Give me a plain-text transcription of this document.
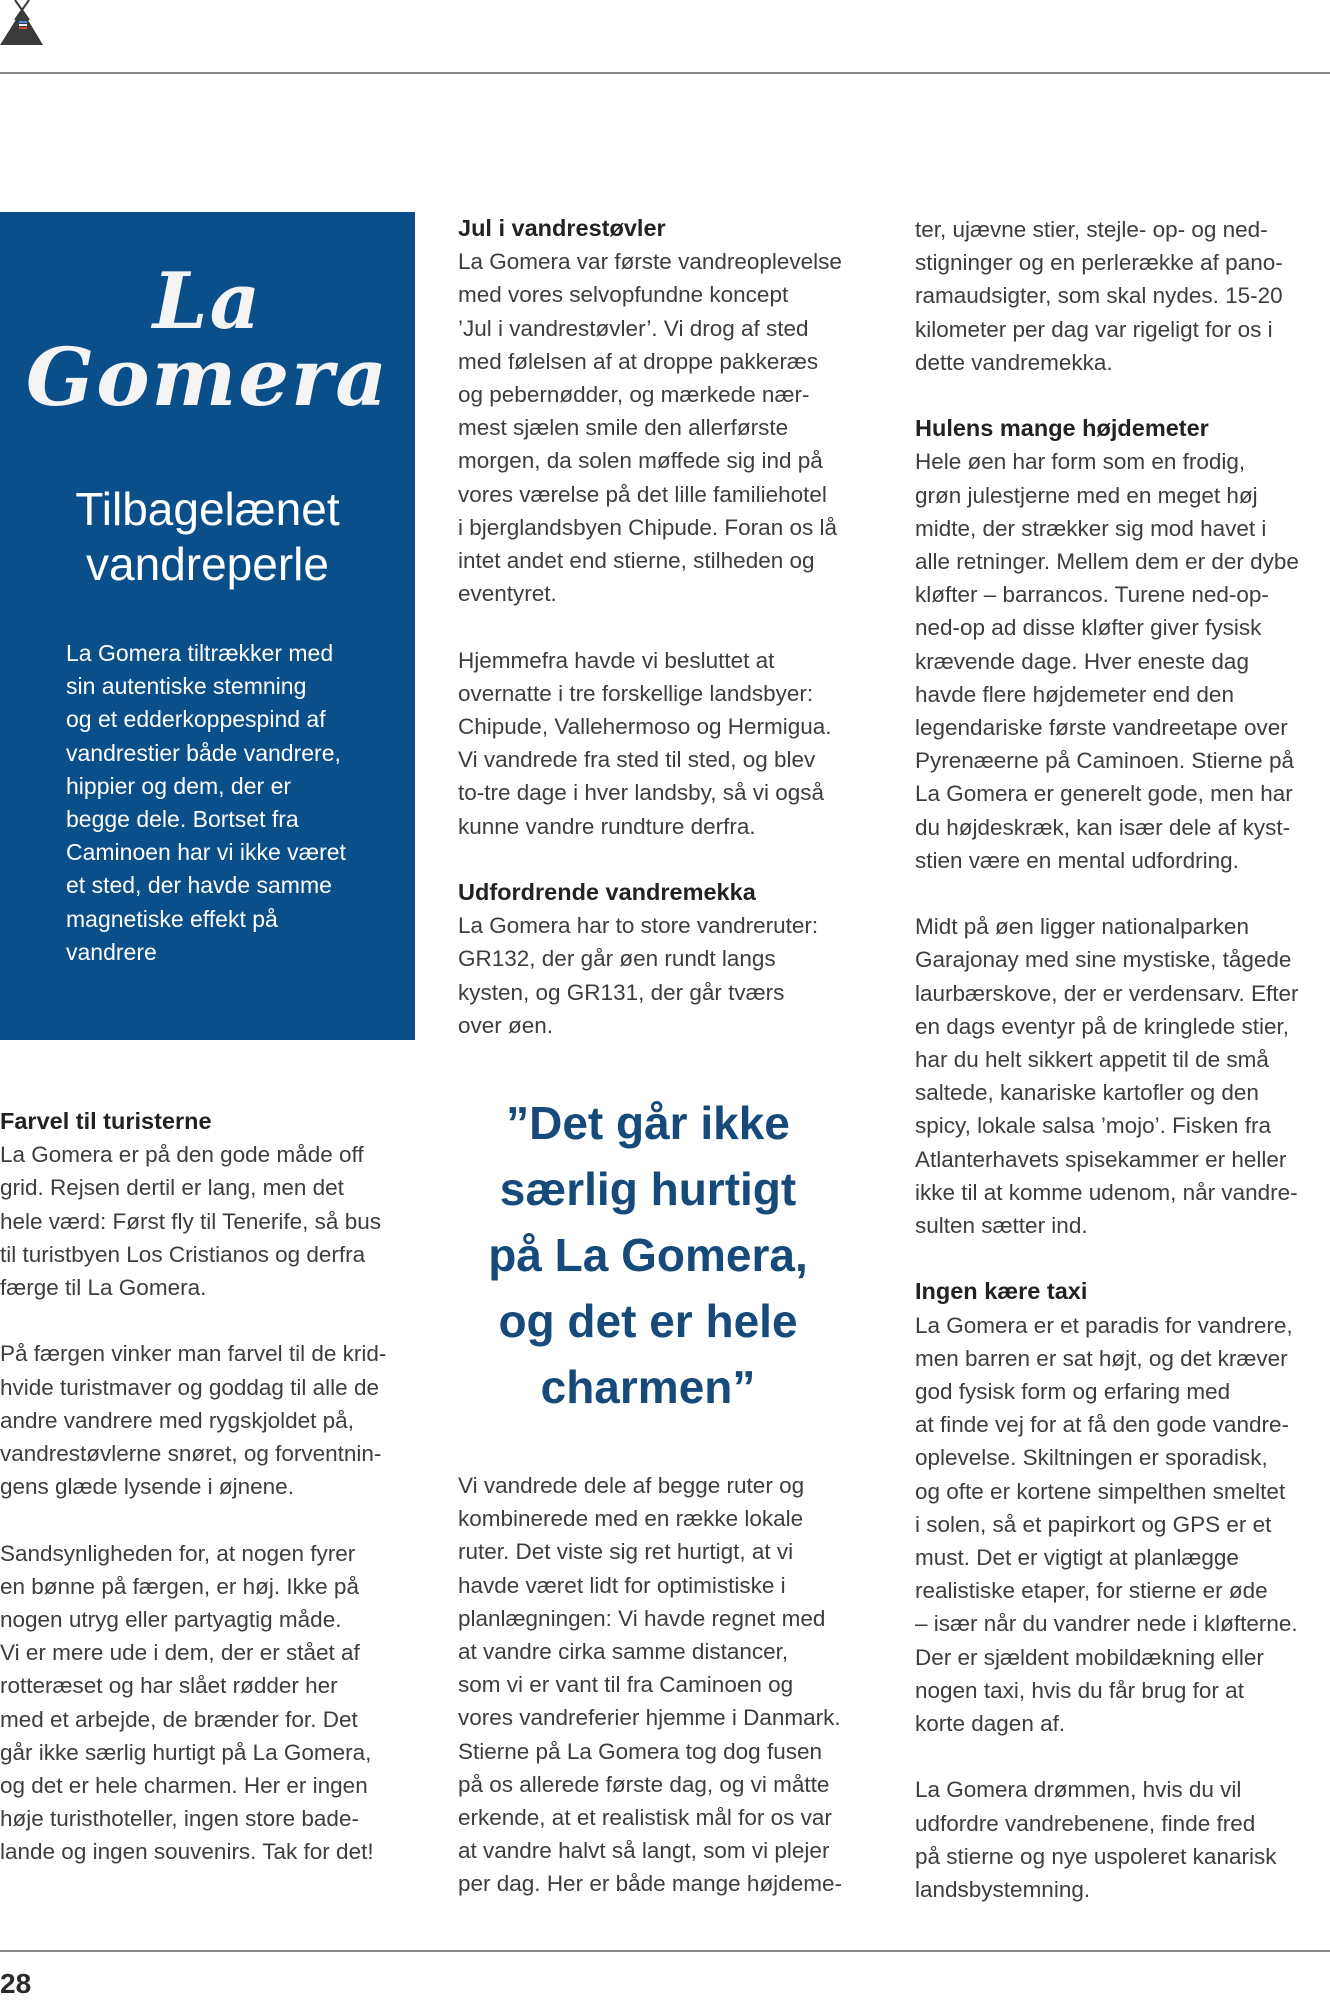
La
Gomera
Tilbagelænet
vandreperle
La Gomera tiltrækker med
sin autentiske stemning
og et edderkoppespind af
vandrestier både vandrere,
hippier og dem, der er
begge dele. Bortset fra
Caminoen har vi ikke været
et sted, der havde samme
magnetiske effekt på
vandrere
Farvel til turisterne

La Gomera er på den gode måde off
grid. Rejsen dertil er lang, men det
hele værd: Først fly til Tenerife, så bus
til turistbyen Los Cristianos og derfra
færge til La Gomera.

På færgen vinker man farvel til de krid-
hvide turistmaver og goddag til alle de
andre vandrere med rygskjoldet på,
vandrestøvlerne snøret, og forventnin-
gens glæde lysende i øjnene.

Sandsynligheden for, at nogen fyrer
en bønne på færgen, er høj. Ikke på
nogen utryg eller partyagtig måde.
Vi er mere ude i dem, der er stået af
rotteræset og har slået rødder her
med et arbejde, de brænder for. Det
går ikke særlig hurtigt på La Gomera,
og det er hele charmen. Her er ingen
høje turisthoteller, ingen store bade-
lande og ingen souvenirs. Tak for det!

Jul i vandrestøvler

La Gomera var første vandreoplevelse
med vores selvopfundne koncept
’Jul i vandrestøvler’. Vi drog af sted
med følelsen af at droppe pakkeræs
og pebernødder, og mærkede nær-
mest sjælen smile den allerførste
morgen, da solen møffede sig ind på
vores værelse på det lille familiehotel
i bjerglandsbyen Chipude. Foran os lå
intet andet end stierne, stilheden og
eventyret.

Hjemmefra havde vi besluttet at
overnatte i tre forskellige landsbyer:
Chipude, Vallehermoso og Hermigua.
Vi vandrede fra sted til sted, og blev
to-tre dage i hver landsby, så vi også
kunne vandre rundture derfra.

Udfordrende vandremekka

La Gomera har to store vandreruter:
GR132, der går øen rundt langs
kysten, og GR131, der går tværs
over øen.

”Det går ikke
særlig hurtigt
på La Gomera,
og det er hele
charmen”

Vi vandrede dele af begge ruter og
kombinerede med en række lokale
ruter. Det viste sig ret hurtigt, at vi
havde været lidt for optimistiske i
planlægningen: Vi havde regnet med
at vandre cirka samme distancer,
som vi er vant til fra Caminoen og
vores vandreferier hjemme i Danmark.
Stierne på La Gomera tog dog fusen
på os allerede første dag, og vi måtte
erkende, at et realistisk mål for os var
at vandre halvt så langt, som vi plejer
per dag. Her er både mange højdeme-

ter, ujævne stier, stejle- op- og ned-
stigninger og en perlerække af pano-
ramaudsigter, som skal nydes. 15-20
kilometer per dag var rigeligt for os i
dette vandremekka.

Hulens mange højdemeter

Hele øen har form som en frodig,
grøn julestjerne med en meget høj
midte, der strækker sig mod havet i
alle retninger. Mellem dem er der dybe
kløfter – barrancos. Turene ned-op-
ned-op ad disse kløfter giver fysisk
krævende dage. Hver eneste dag
havde flere højdemeter end den
legendariske første vandreetape over
Pyrenæerne på Caminoen. Stierne på
La Gomera er generelt gode, men har
du højdeskræk, kan især dele af kyst-
stien være en mental udfordring.

Midt på øen ligger nationalparken
Garajonay med sine mystiske, tågede
laurbærskove, der er verdensarv. Efter
en dags eventyr på de kringlede stier,
har du helt sikkert appetit til de små
saltede, kanariske kartofler og den
spicy, lokale salsa ’mojo’. Fisken fra
Atlanterhavets spisekammer er heller
ikke til at komme udenom, når vandre-
sulten sætter ind.

Ingen kære taxi

La Gomera er et paradis for vandrere,
men barren er sat højt, og det kræver
god fysisk form og erfaring med
at finde vej for at få den gode vandre-
oplevelse. Skiltningen er sporadisk,
og ofte er kortene simpelthen smeltet
i solen, så et papirkort og GPS er et
must. Det er vigtigt at planlægge
realistiske etaper, for stierne er øde
– især når du vandrer nede i kløfterne.
Der er sjældent mobildækning eller
nogen taxi, hvis du får brug for at
korte dagen af.

La Gomera drømmen, hvis du vil
udfordre vandrebenene, finde fred
på stierne og nye uspoleret kanarisk
landsbystemning.

28
